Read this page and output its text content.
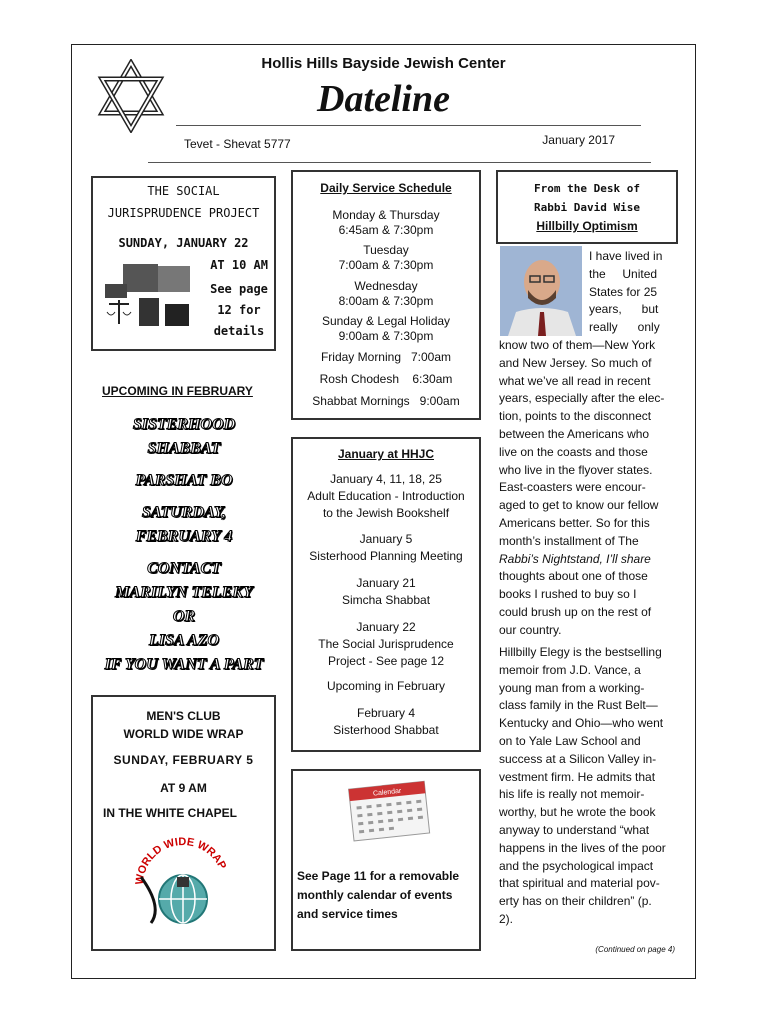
Hollis Hills Bayside Jewish Center
Dateline
January 2017
Tevet - Shevat 5777
THE SOCIAL
JURISPRUDENCE PROJECT
SUNDAY, JANUARY 22
AT 10 AM
See page
12 for
details
UPCOMING IN FEBRUARY
SISTERHOOD
SHABBAT
PARSHAT BO
SATURDAY,
FEBRUARY 4
CONTACT
MARILYN TELEKY
OR
LISA AZO
IF YOU WANT A PART
MEN'S CLUB
WORLD WIDE WRAP
SUNDAY, FEBRUARY 5
AT 9 AM
IN THE WHITE CHAPEL
WORLD WIDE WRAP
Daily Service Schedule
Monday & Thursday
6:45am & 7:30pm
Tuesday
7:00am & 7:30pm
Wednesday
8:00am & 7:30pm
Sunday & Legal Holiday
9:00am & 7:30pm
Friday Morning   7:00am
Rosh Chodesh    6:30am
Shabbat Mornings   9:00am
January at HHJC
January 4, 11, 18, 25
Adult Education - Introduction
to the Jewish Bookshelf
January 5
Sisterhood Planning Meeting
January 21
Simcha Shabbat
January 22
The Social Jurisprudence
Project - See page 12
Upcoming in February
February 4
Sisterhood Shabbat
Calendar
See Page 11 for a removable
monthly calendar of events
and service times
From the Desk of
Rabbi David Wise
Hillbilly Optimism
I have lived in
the     United
States for 25
years,      but
really      only
know two of them—New York
and New Jersey. So much of
what we’ve all read in recent
years, especially after the elec-
tion, points to the disconnect
between the Americans who
live on the coasts and those
who live in the flyover states.
East-coasters were encour-
aged to get to know our fellow
Americans better. So for this
month’s installment of The
Rabbi’s Nightstand, I’ll share
thoughts about one of those
books I rushed to buy so I
could brush up on the rest of
our country.
Hillbilly Elegy is the bestselling
memoir from J.D. Vance, a
young man from a working-
class family in the Rust Belt—
Kentucky and Ohio—who went
on to Yale Law School and
success at a Silicon Valley in-
vestment firm. He admits that
his life is really not memoir-
worthy, but he wrote the book
anyway to understand “what
happens in the lives of the poor
and the psychological impact
that spiritual and material pov-
erty has on their children” (p.
2).
(Continued on page 4)
